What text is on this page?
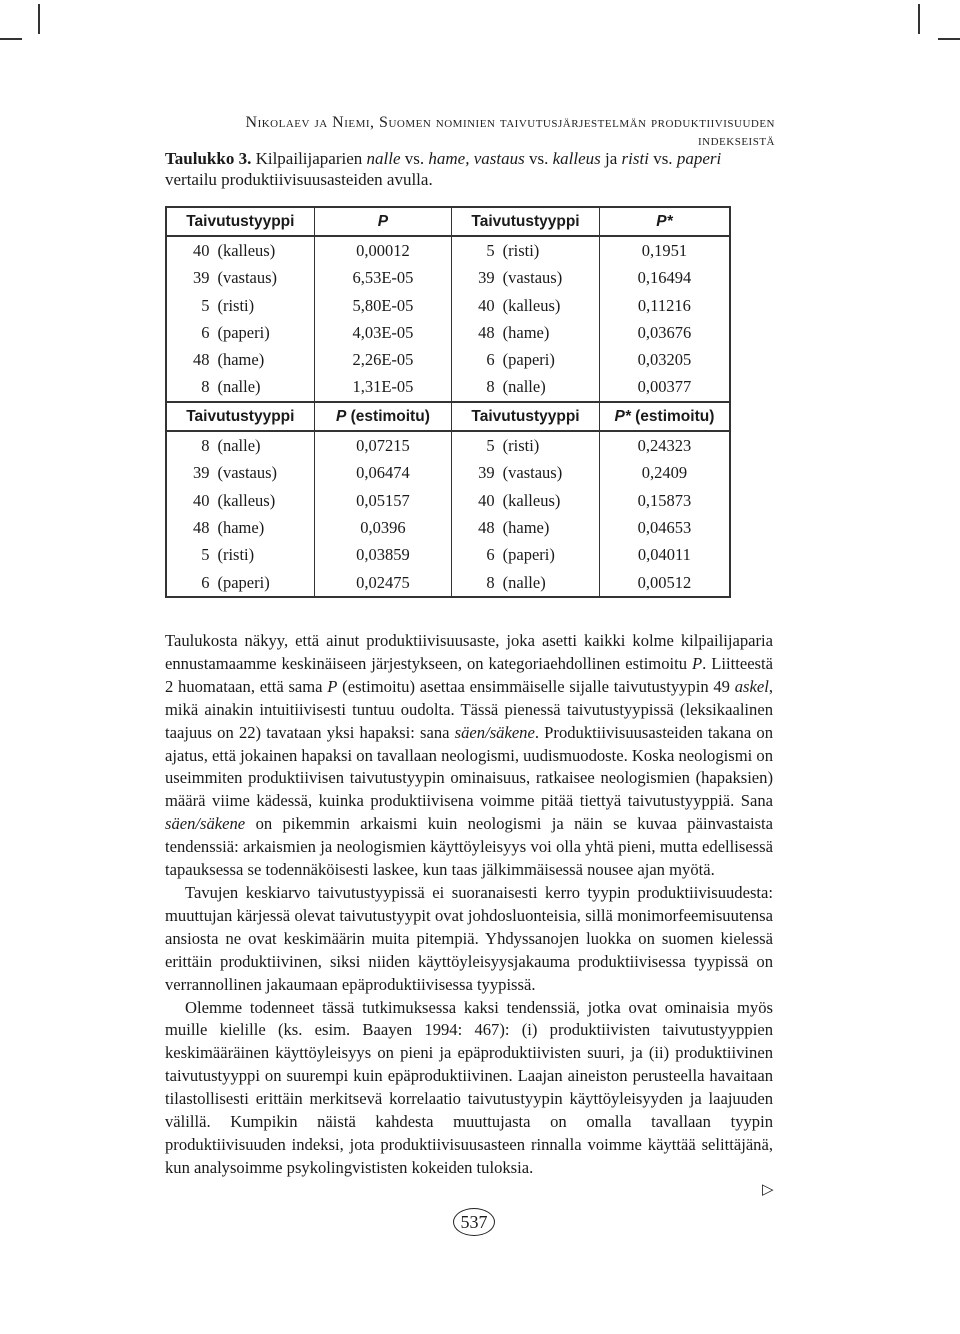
Nikolaev ja Niemi, Suomen nominien taivutusjärjestelmän produktiivisuuden indekseistä
Taulukko 3. Kilpailijaparien nalle vs. hame, vastaus vs. kalleus ja risti vs. paperi vertailu produktiivisuusasteiden avulla.
Taivutustyyppi		P	Taivutustyyppi		P*
40	(kalleus)	0,00012	5	(risti)	0,1951
39	(vastaus)	6,53E-05	39	(vastaus)	0,16494
5	(risti)	5,80E-05	40	(kalleus)	0,11216
6	(paperi)	4,03E-05	48	(hame)	0,03676
48	(hame)	2,26E-05	6	(paperi)	0,03205
8	(nalle)	1,31E-05	8	(nalle)	0,00377
Taivutustyyppi		P (estimoitu)	Taivutustyyppi		P* (estimoitu)
8	(nalle)	0,07215	5	(risti)	0,24323
39	(vastaus)	0,06474	39	(vastaus)	0,2409
40	(kalleus)	0,05157	40	(kalleus)	0,15873
48	(hame)	0,0396	48	(hame)	0,04653
5	(risti)	0,03859	6	(paperi)	0,04011
6	(paperi)	0,02475	8	(nalle)	0,00512

Taulukosta näkyy, että ainut produktiivisuusaste, joka asetti kaikki kolme kilpailijaparia ennustamaamme keskinäiseen järjestykseen, on kategoriaehdollinen estimoitu P. Liitteestä 2 huomataan, että sama P (estimoitu) asettaa ensimmäiselle sijalle taivutustyypin 49 askel, mikä ainakin intuitiivisesti tuntuu oudolta. Tässä pienessä taivutustyypissä (leksikaalinen taajuus on 22) tavataan yksi hapaksi: sana säen/säkene. Produktiivisuusasteiden takana on ajatus, että jokainen hapaksi on tavallaan neologismi, uudismuodoste. Koska neologismi on useimmiten produktiivisen taivutustyypin ominaisuus, ratkaisee neologismien (hapaksien) määrä viime kädessä, kuinka produktiivisena voimme pitää tiettyä taivutustyyppiä. Sana säen/säkene on pikemmin arkaismi kuin neologismi ja näin se kuvaa päinvastaista tendenssiä: arkaismien ja neologismien käyttöyleisyys voi olla yhtä pieni, mutta edellisessä tapauksessa se todennäköisesti laskee, kun taas jälkimmäisessä nousee ajan myötä.

Tavujen keskiarvo taivutustyypissä ei suoranaisesti kerro tyypin produktiivisuudesta: muuttujan kärjessä olevat taivutustyypit ovat johdosluonteisia, sillä monimorfeemisuutensa ansiosta ne ovat keskimäärin muita pitempiä. Yhdyssanojen luokka on suomen kielessä erittäin produktiivinen, siksi niiden käyttöyleisyysjakauma produktiivisessa tyypissä on verrannollinen jakaumaan epäproduktiivisessa tyypissä.

Olemme todenneet tässä tutkimuksessa kaksi tendenssiä, jotka ovat ominaisia myös muille kielille (ks. esim. Baayen 1994: 467): (i) produktiivisten taivutustyyppien keskimääräinen käyttöyleisyys on pieni ja epäproduktiivisten suuri, ja (ii) produktiivinen taivutustyyppi on suurempi kuin epäproduktiivinen. Laajan aineiston perusteella havaitaan tilastollisesti erittäin merkitsevä korrelaatio taivutustyypin käyttöyleisyyden ja laajuuden välillä. Kumpikin näistä kahdesta muuttujasta on omalla tavallaan tyypin produktiivisuuden indeksi, jota produktiivisuusasteen rinnalla voimme käyttää selittäjänä, kun analysoimme psykolingvististen kokeiden tuloksia.

▷
537
